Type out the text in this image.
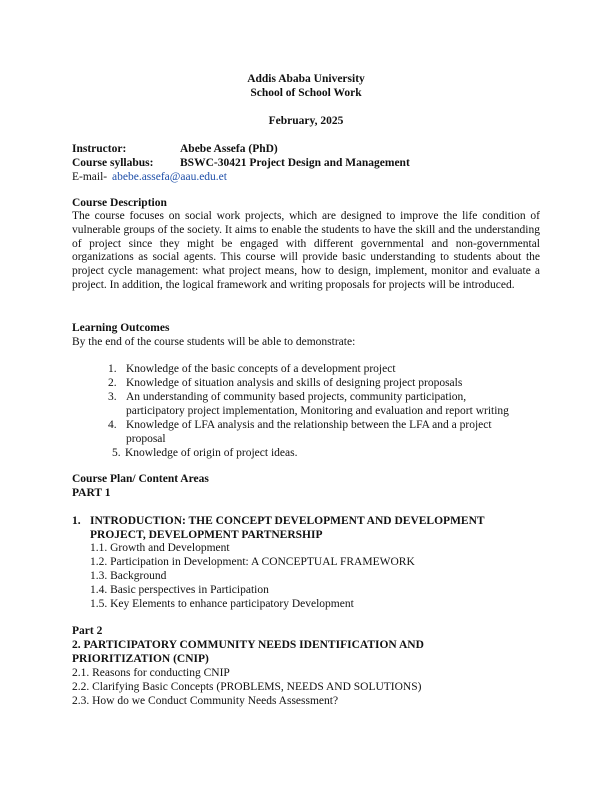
Addis Ababa University
School of School Work
February, 2025
Instructor:	Abebe Assefa (PhD)
Course syllabus: BSWC-30421 Project Design and Management
E-mail- abebe.assefa@aau.edu.et
Course Description
The course focuses on social work projects, which are designed to improve the life condition of vulnerable groups of the society. It aims to enable the students to have the skill and the understanding of project since they might be engaged with different governmental and non-governmental organizations as social agents. This course will provide basic understanding to students about the project cycle management: what project means, how to design, implement, monitor and evaluate a project. In addition, the logical framework and writing proposals for projects will be introduced.
Learning Outcomes
By the end of the course students will be able to demonstrate:
1. Knowledge of the basic concepts of a development project
2. Knowledge of situation analysis and skills of designing project proposals
3. An understanding of community based projects, community participation,
participatory project implementation, Monitoring and evaluation and report writing
4. Knowledge of LFA analysis and the relationship between the LFA and a project
proposal
5. Knowledge of origin of project ideas.
Course Plan/ Content Areas
PART 1
1. INTRODUCTION: THE CONCEPT DEVELOPMENT AND DEVELOPMENT
PROJECT, DEVELOPMENT PARTNERSHIP
1.1. Growth and Development
1.2. Participation in Development: A CONCEPTUAL FRAMEWORK
1.3. Background
1.4. Basic perspectives in Participation
1.5. Key Elements to enhance participatory Development
Part 2
2. PARTICIPATORY COMMUNITY NEEDS IDENTIFICATION AND
PRIORITIZATION (CNIP)
2.1. Reasons for conducting CNIP
2.2. Clarifying Basic Concepts (PROBLEMS, NEEDS AND SOLUTIONS)
2.3. How do we Conduct Community Needs Assessment?
